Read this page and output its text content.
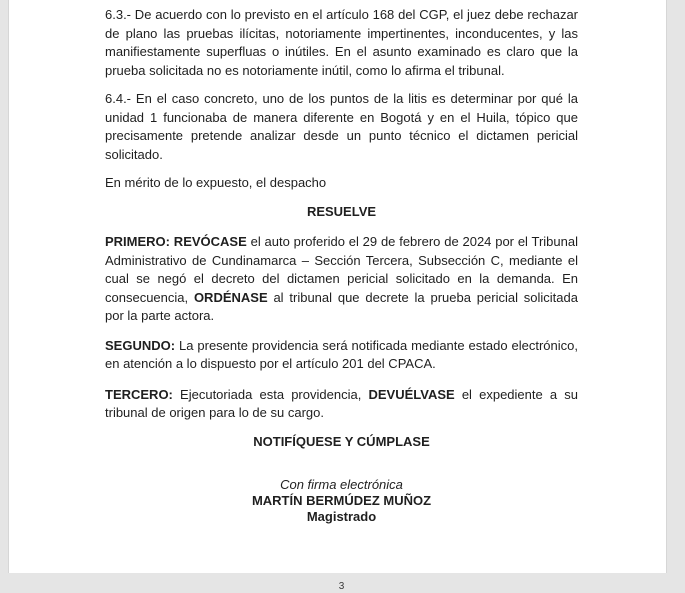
6.3.- De acuerdo con lo previsto en el artículo 168 del CGP, el juez debe rechazar de plano las pruebas ilícitas, notoriamente impertinentes, inconducentes, y las manifiestamente superfluas o inútiles. En el asunto examinado es claro que la prueba solicitada no es notoriamente inútil, como lo afirma el tribunal.

6.4.- En el caso concreto, uno de los puntos de la litis es determinar por qué la unidad 1 funcionaba de manera diferente en Bogotá y en el Huila, tópico que precisamente pretende analizar desde un punto técnico el dictamen pericial solicitado.

En mérito de lo expuesto, el despacho

RESUELVE

PRIMERO: REVÓCASE el auto proferido el 29 de febrero de 2024 por el Tribunal Administrativo de Cundinamarca – Sección Tercera, Subsección C, mediante el cual se negó el decreto del dictamen pericial solicitado en la demanda. En consecuencia, ORDÉNASE al tribunal que decrete la prueba pericial solicitada por la parte actora.

SEGUNDO: La presente providencia será notificada mediante estado electrónico, en atención a lo dispuesto por el artículo 201 del CPACA.

TERCERO: Ejecutoriada esta providencia, DEVUÉLVASE el expediente a su tribunal de origen para lo de su cargo.

NOTIFÍQUESE Y CÚMPLASE

Con firma electrónica
MARTÍN BERMÚDEZ MUÑOZ
Magistrado
3
